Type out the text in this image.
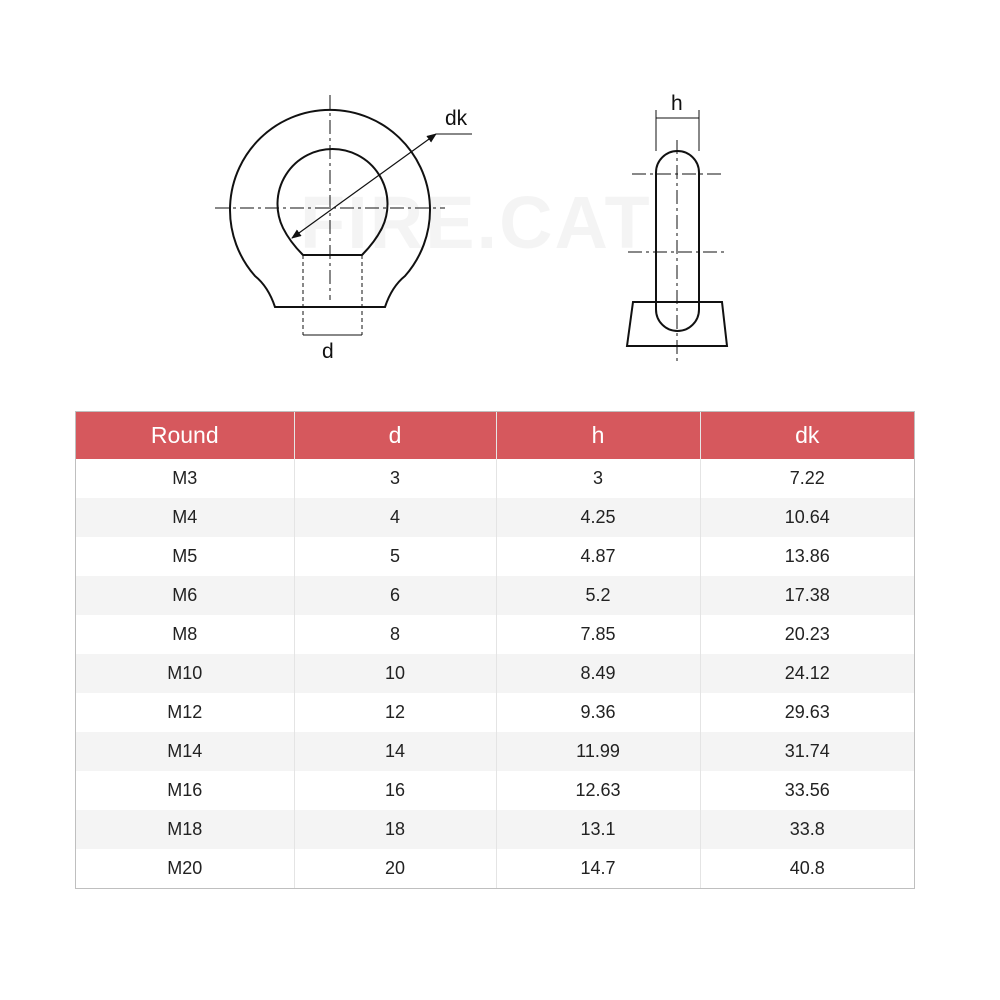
d
dk
h
Round	d	h	dk
M3	3	3	7.22
M4	4	4.25	10.64
M5	5	4.87	13.86
M6	6	5.2	17.38
M8	8	7.85	20.23
M10	10	8.49	24.12
M12	12	9.36	29.63
M14	14	11.99	31.74
M16	16	12.63	33.56
M18	18	13.1	33.8
M20	20	14.7	40.8
